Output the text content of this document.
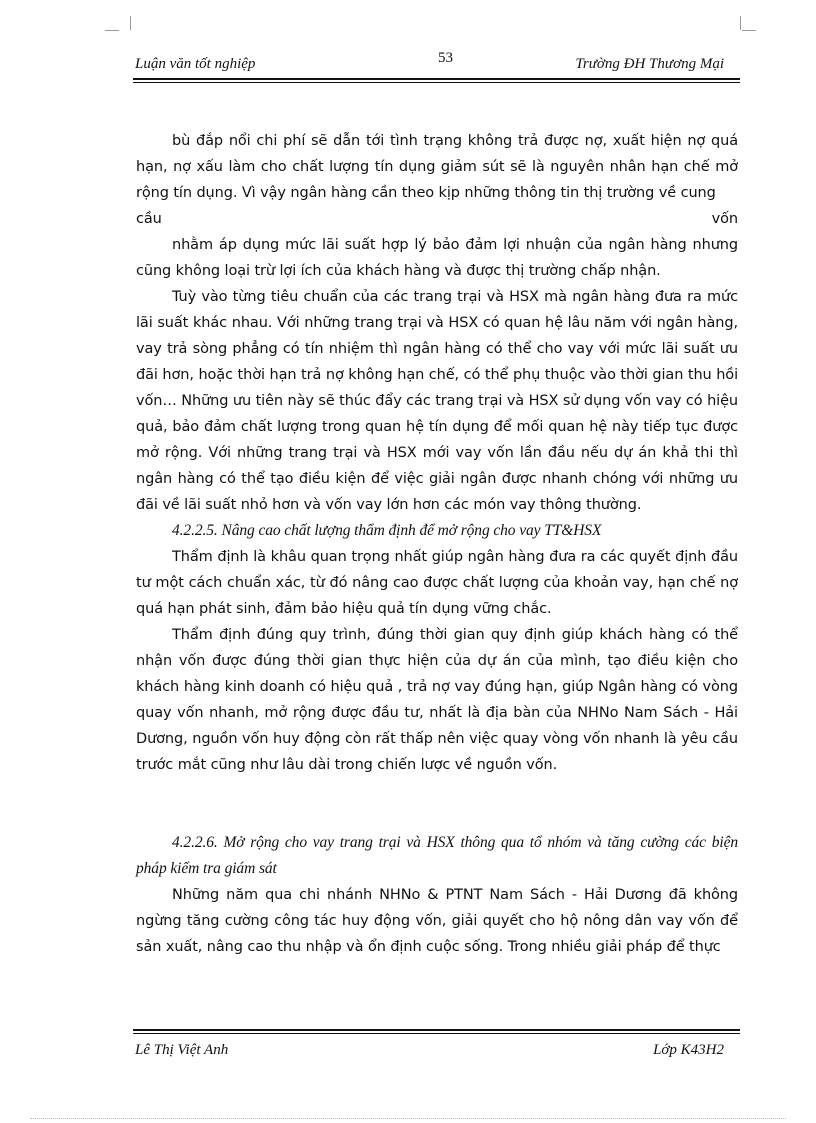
Luận văn tốt nghiệp	53	Trường ĐH Thương Mại

bù đắp nổi chi phí sẽ dẫn tới tình trạng không trả được nợ, xuất hiện nợ quá hạn, nợ xấu làm cho chất lượng tín dụng giảm sút sẽ là nguyên nhân hạn chế mở rộng tín dụng. Vì vậy ngân hàng cần theo kịp những thông tin thị trường về cung

cầu	vốn

nhằm áp dụng mức lãi suất hợp lý bảo đảm lợi nhuận của ngân hàng nhưng cũng không loại trừ lợi ích của khách hàng và được thị trường chấp nhận.

Tuỳ vào từng tiêu chuẩn của các trang trại và HSX mà ngân hàng đưa ra mức lãi suất khác nhau. Với những trang trại và HSX có quan hệ lâu năm với ngân hàng, vay trả sòng phẳng có tín nhiệm thì ngân hàng có thể cho vay với mức lãi suất ưu đãi hơn, hoặc thời hạn trả nợ không hạn chế, có thể phụ thuộc vào thời gian thu hồi vốn… Những ưu tiên này sẽ thúc đẩy các trang trại và HSX sử dụng vốn vay có hiệu quả, bảo đảm chất lượng trong quan hệ tín dụng để mối quan hệ này tiếp tục được mở rộng. Với những trang trại và HSX mới vay vốn lần đầu nếu dự án khả thi thì ngân hàng có thể tạo điều kiện để việc giải ngân được nhanh chóng với những ưu đãi về lãi suất nhỏ hơn và vốn vay lớn hơn các món vay thông thường.

4.2.2.5. Nâng cao chất lượng thẩm định để mở rộng cho vay TT&HSX

Thẩm định là khâu quan trọng nhất giúp ngân hàng đưa ra các quyết định đầu tư một cách chuẩn xác, từ đó nâng cao được chất lượng của khoản vay, hạn chế nợ quá hạn phát sinh, đảm bảo hiệu quả tín dụng vững chắc.

Thẩm định đúng quy trình, đúng thời gian quy định giúp khách hàng có thể nhận vốn được đúng thời gian thực hiện của dự án của mình, tạo điều kiện cho khách hàng kinh doanh có hiệu quả , trả nợ vay đúng hạn, giúp Ngân hàng có vòng quay vốn nhanh, mở rộng được đầu tư, nhất là địa bàn của NHNo Nam Sách - Hải Dương, nguồn vốn huy động còn rất thấp nên việc quay vòng vốn nhanh là yêu cầu trước mắt cũng như lâu dài trong chiến lược về nguồn vốn.

4.2.2.6. Mở rộng cho vay trang trại và HSX thông qua tổ nhóm và tăng cường các biện pháp kiểm tra giám sát

Những năm qua chi nhánh NHNo & PTNT Nam Sách - Hải Dương đã không ngừng tăng cường công tác huy động vốn, giải quyết cho hộ nông dân vay vốn để sản xuất, nâng cao thu nhập và ổn định cuộc sống. Trong nhiều giải pháp để thực

Lê Thị Việt Anh	Lớp K43H2
